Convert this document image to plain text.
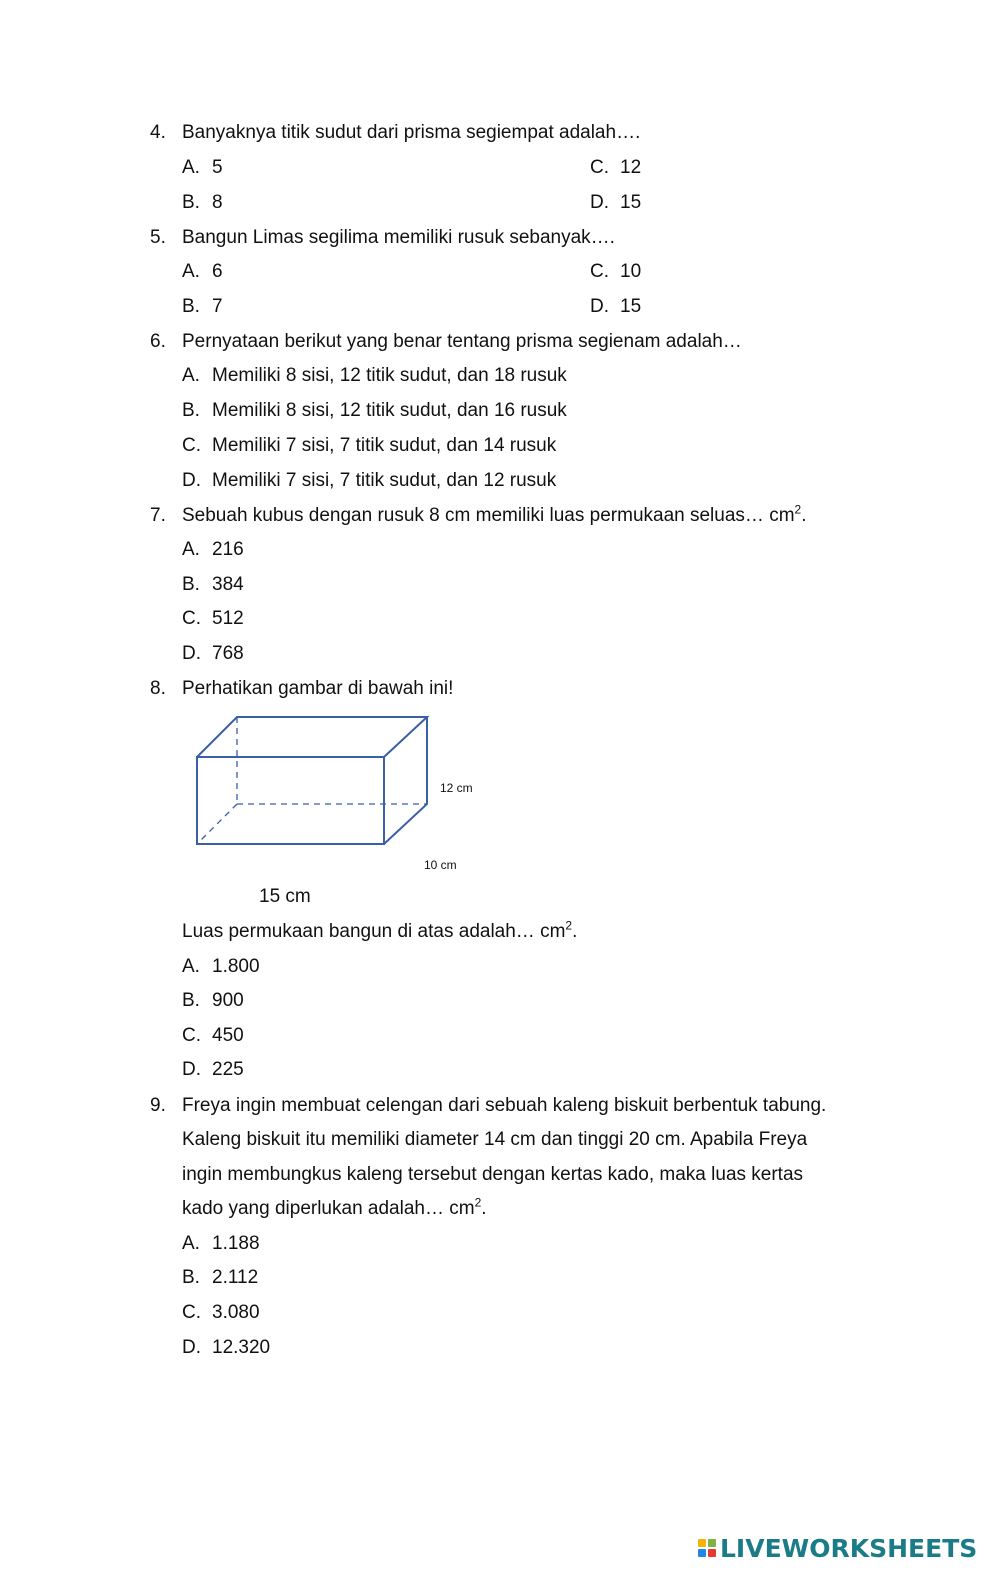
4. Banyaknya titik sudut dari prisma segiempat adalah….
A. 5
B. 8
C. 12
D. 15
5. Bangun Limas segilima memiliki rusuk sebanyak….
A. 6
B. 7
C. 10
D. 15
6. Pernyataan berikut yang benar tentang prisma segienam adalah…
A. Memiliki 8 sisi, 12 titik sudut, dan 18 rusuk
B. Memiliki 8 sisi, 12 titik sudut, dan 16 rusuk
C. Memiliki 7 sisi, 7 titik sudut, dan 14 rusuk
D. Memiliki 7 sisi, 7 titik sudut, dan 12 rusuk
7. Sebuah kubus dengan rusuk 8 cm memiliki luas permukaan seluas… $cm^2$.
A. 216
B. 384
C. 512
D. 768
8. Perhatikan gambar di bawah ini!
12 cm
10 cm
15 cm
Luas permukaan bangun di atas adalah… $cm^2$.
A. 1.800
B. 900
C. 450
D. 225
9. Freya ingin membuat celengan dari sebuah kaleng biskuit berbentuk tabung.
Kaleng biskuit itu memiliki diameter 14 cm dan tinggi 20 cm. Apabila Freya
ingin membungkus kaleng tersebut dengan kertas kado, maka luas kertas
kado yang diperlukan adalah… $cm^2$.
A. 1.188
B. 2.112
C. 3.080
D. 12.320
LIVEWORKSHEETS
